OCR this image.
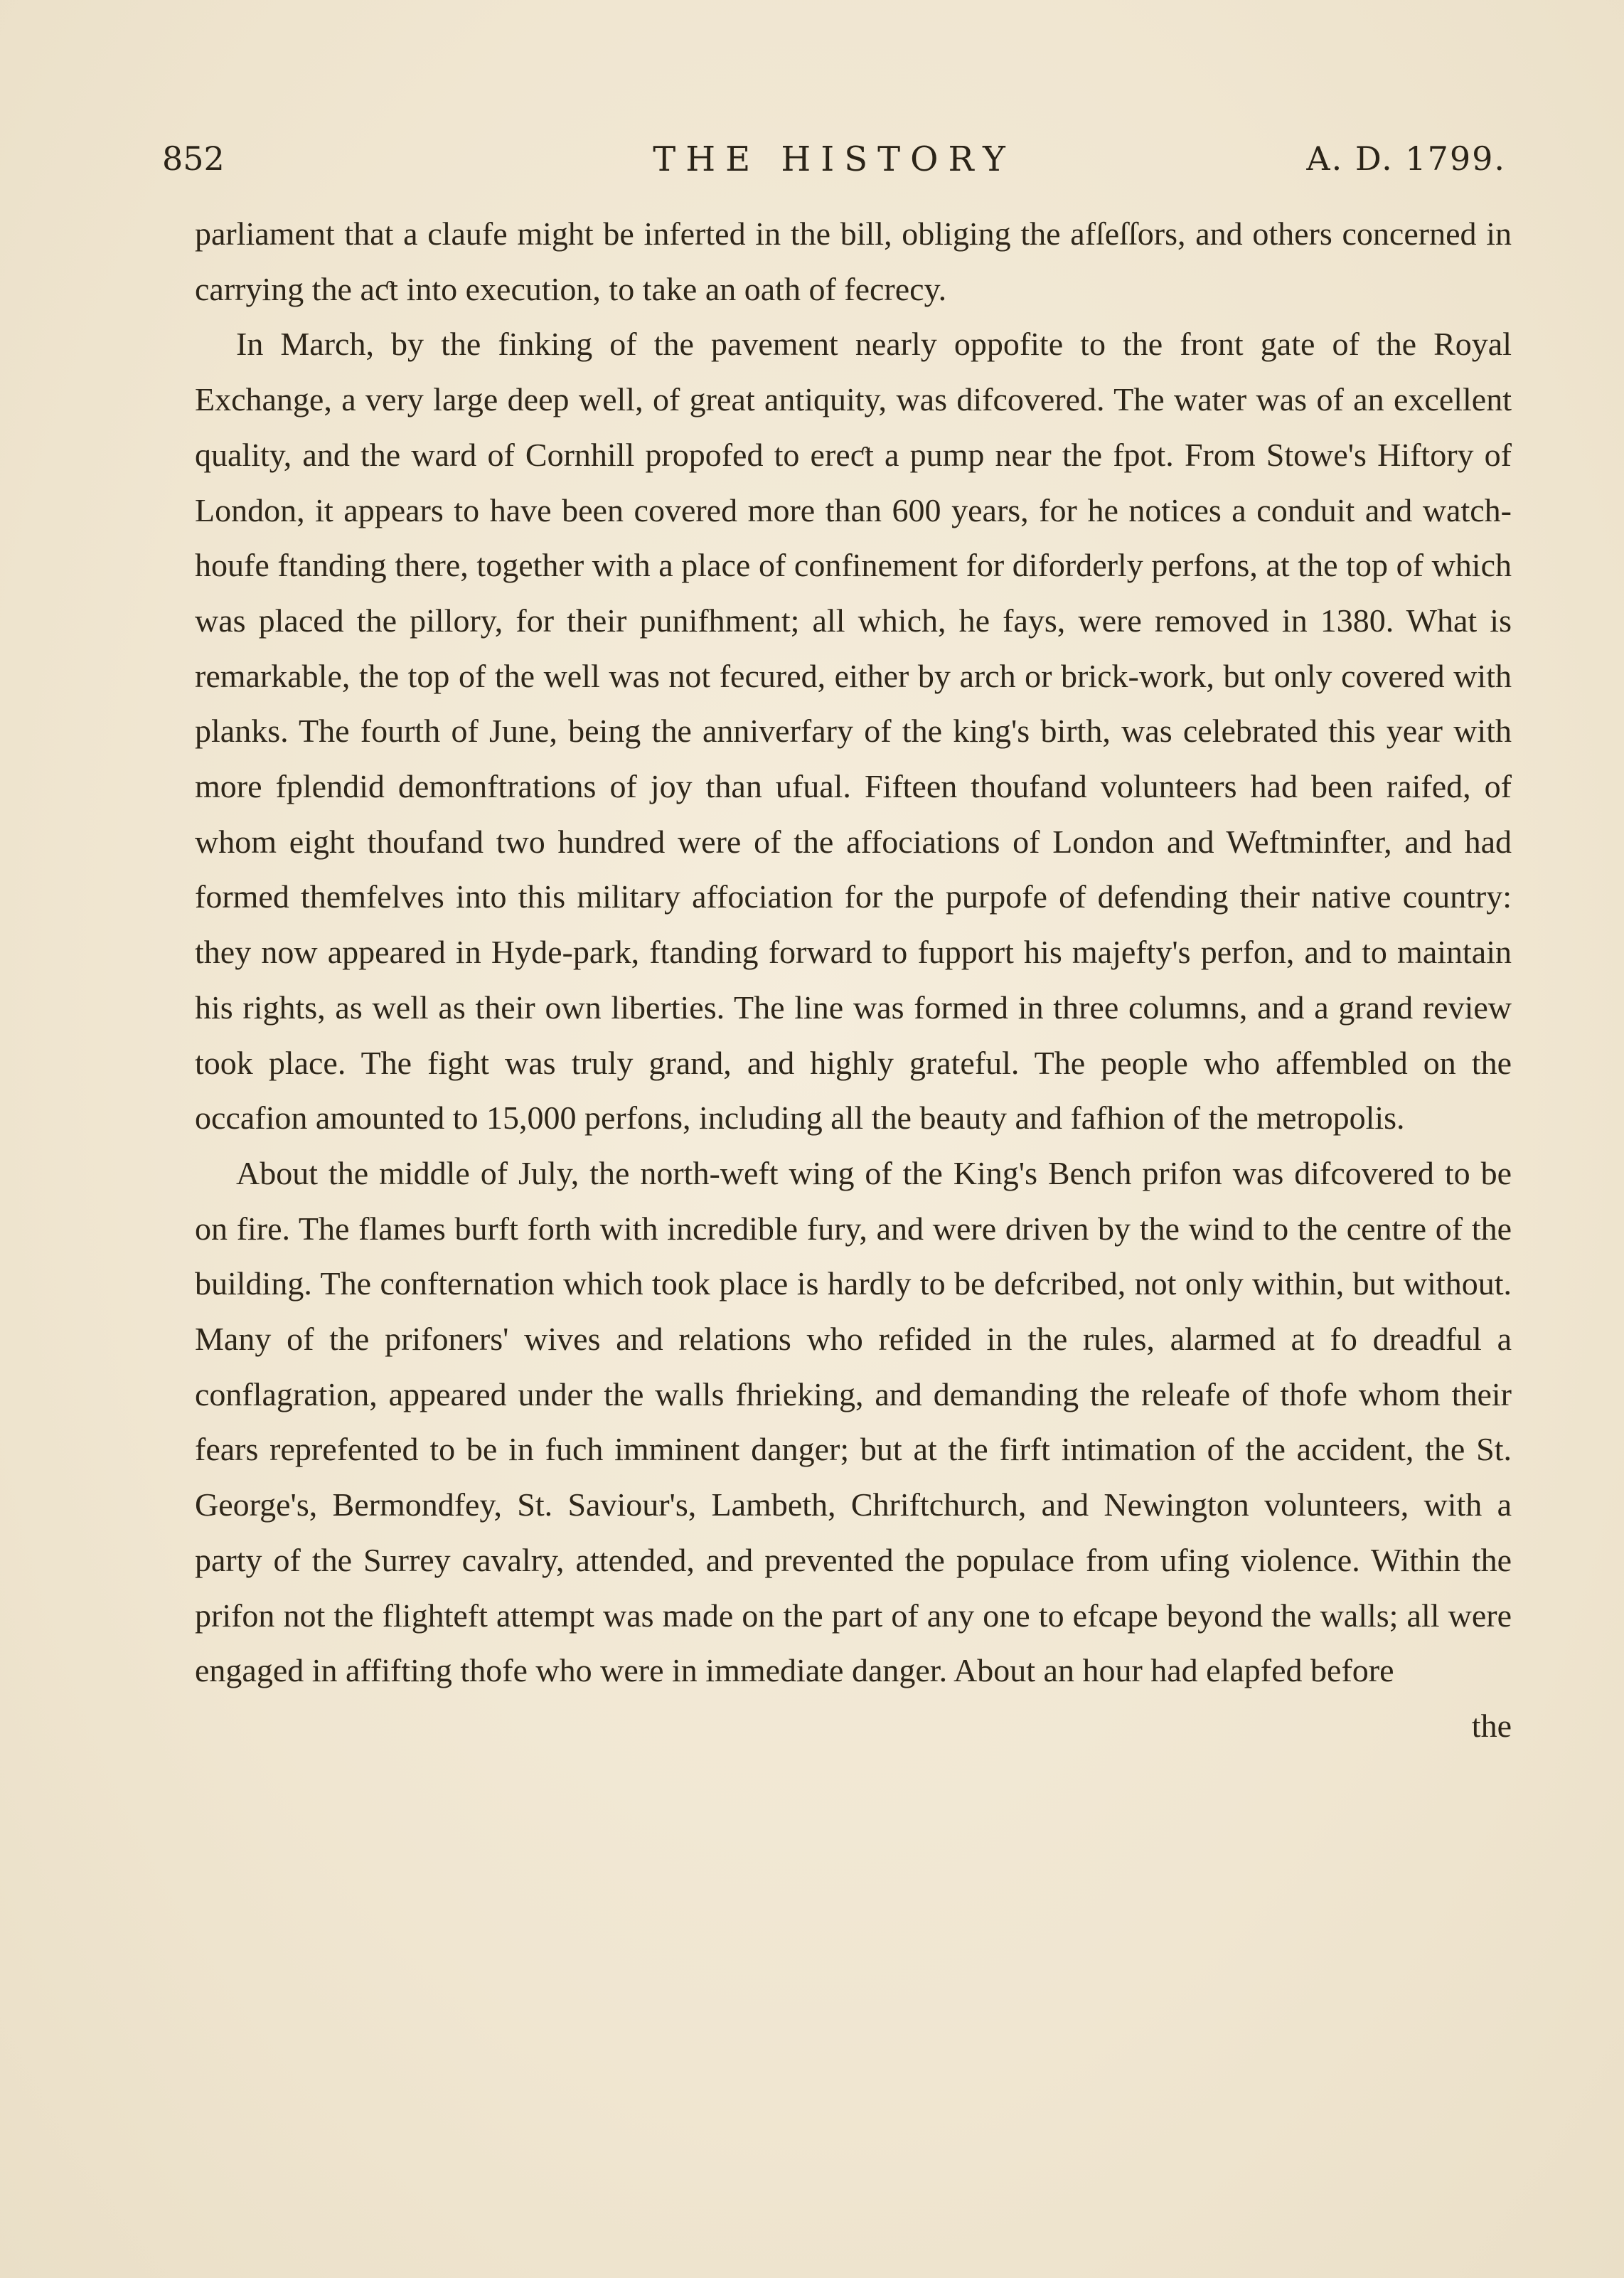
852	THE HISTORY	A. D. 1799.

parliament that a claufe might be inferted in the bill, obliging the afſeſſors, and others concerned in carrying the aƈt into execution, to take an oath of fecrecy.

In March, by the finking of the pavement nearly oppofite to the front gate of the Royal Exchange, a very large deep well, of great antiquity, was difcovered. The water was of an excellent quality, and the ward of Cornhill propofed to ereƈt a pump near the fpot. From Stowe's Hiftory of London, it appears to have been covered more than 600 years, for he notices a conduit and watch-houfe ftanding there, together with a place of confinement for diforderly perfons, at the top of which was placed the pillory, for their punifhment; all which, he fays, were removed in 1380. What is remarkable, the top of the well was not fecured, either by arch or brick-work, but only covered with planks. The fourth of June, being the anniverfary of the king's birth, was celebrated this year with more fplendid demonftrations of joy than ufual. Fifteen thoufand volunteers had been raifed, of whom eight thoufand two hundred were of the affociations of London and Weftminfter, and had formed themfelves into this military affociation for the purpofe of defending their native country: they now appeared in Hyde-park, ftanding forward to fupport his majefty's perfon, and to maintain his rights, as well as their own liberties. The line was formed in three columns, and a grand review took place. The fight was truly grand, and highly grateful. The people who affembled on the occafion amounted to 15,000 perfons, including all the beauty and fafhion of the metropolis.

About the middle of July, the north-weft wing of the King's Bench prifon was difcovered to be on fire. The flames burft forth with incredible fury, and were driven by the wind to the centre of the building. The confternation which took place is hardly to be defcribed, not only within, but without. Many of the prifoners' wives and relations who refided in the rules, alarmed at fo dreadful a conflagration, appeared under the walls fhrieking, and demanding the releafe of thofe whom their fears reprefented to be in fuch imminent danger; but at the firft intimation of the accident, the St. George's, Bermondfey, St. Saviour's, Lambeth, Chriftchurch, and Newington volunteers, with a party of the Surrey cavalry, attended, and prevented the populace from ufing violence. Within the prifon not the flighteft attempt was made on the part of any one to efcape beyond the walls; all were engaged in affifting thofe who were in immediate danger. About an hour had elapfed before

the
